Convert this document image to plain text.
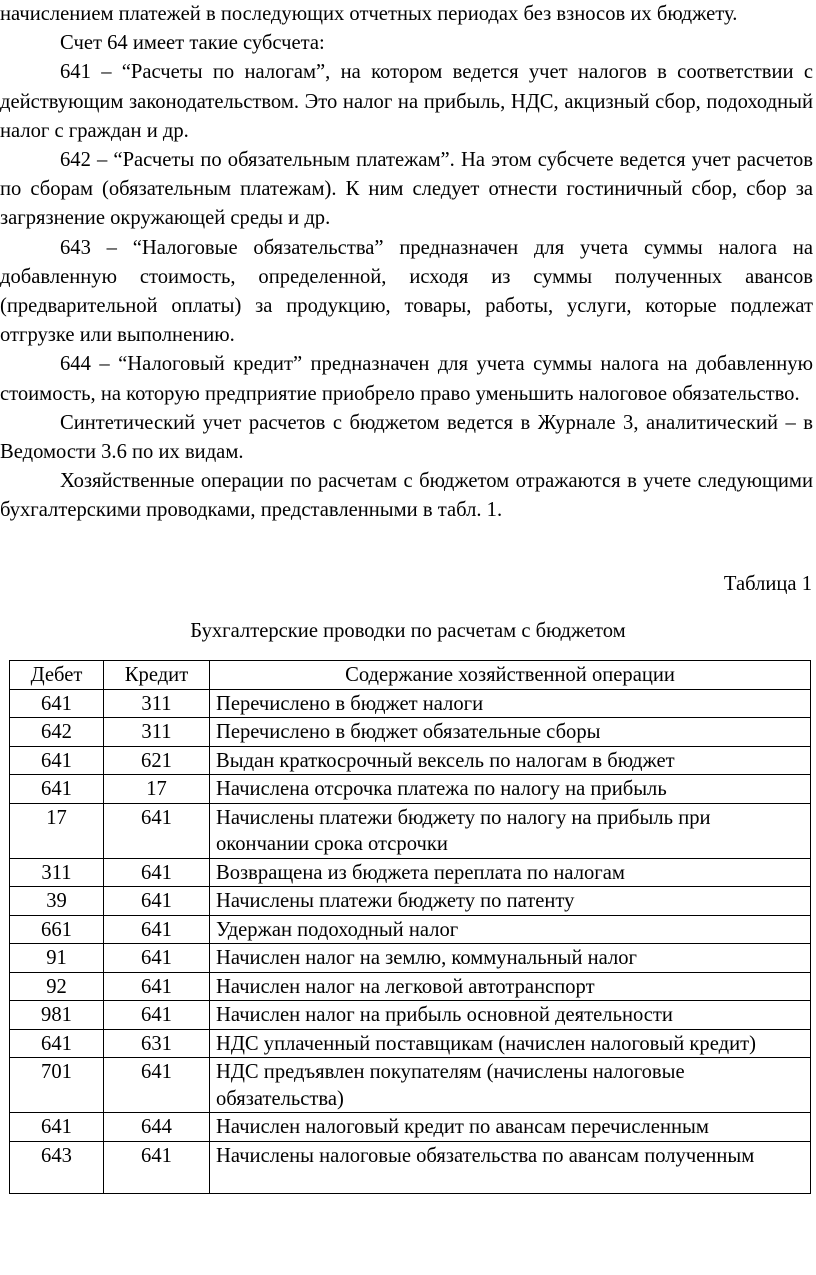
начислением платежей в последующих отчетных периодах без взносов их бюджету.

Счет 64 имеет такие субсчета:

641 – “Расчеты по налогам”, на котором ведется учет налогов в соответствии с действующим законодательством. Это налог на прибыль, НДС, акцизный сбор, подоходный налог с граждан и др.

642 – “Расчеты по обязательным платежам”. На этом субсчете ведется учет расчетов по сборам (обязательным платежам). К ним следует отнести гостиничный сбор, сбор за загрязнение окружающей среды и др.

643 – “Налоговые обязательства” предназначен для учета суммы налога на добавленную стоимость, определенной, исходя из суммы полученных авансов (предварительной оплаты) за продукцию, товары, работы, услуги, которые подлежат отгрузке или выполнению.

644 – “Налоговый кредит” предназначен для учета суммы налога на добавленную стоимость, на которую предприятие приобрело право уменьшить налоговое обязательство.

Синтетический учет расчетов с бюджетом ведется в Журнале 3, аналитический – в Ведомости 3.6 по их видам.

Хозяйственные операции по расчетам с бюджетом отражаются в учете следующими бухгалтерскими проводками, представленными в табл. 1.

Таблица 1
Бухгалтерские проводки по расчетам с бюджетом
Дебет	Кредит	Содержание хозяйственной операции
641	311	Перечислено в бюджет налоги
642	311	Перечислено в бюджет обязательные сборы
641	621	Выдан краткосрочный вексель по налогам в бюджет
641	17	Начислена отсрочка платежа по налогу на прибыль
17	641	Начислены платежи бюджету по налогу на прибыль при окончании срока отсрочки
311	641	Возвращена из бюджета переплата по налогам
39	641	Начислены платежи бюджету по патенту
661	641	Удержан подоходный налог
91	641	Начислен налог на землю, коммунальный налог
92	641	Начислен налог на легковой автотранспорт
981	641	Начислен налог на прибыль основной деятельности
641	631	НДС уплаченный поставщикам (начислен налоговый кредит)
701	641	НДС предъявлен покупателям (начислены налоговые обязательства)
641	644	Начислен налоговый кредит по авансам перечисленным
643	641	Начислены налоговые обязательства по авансам полученным
